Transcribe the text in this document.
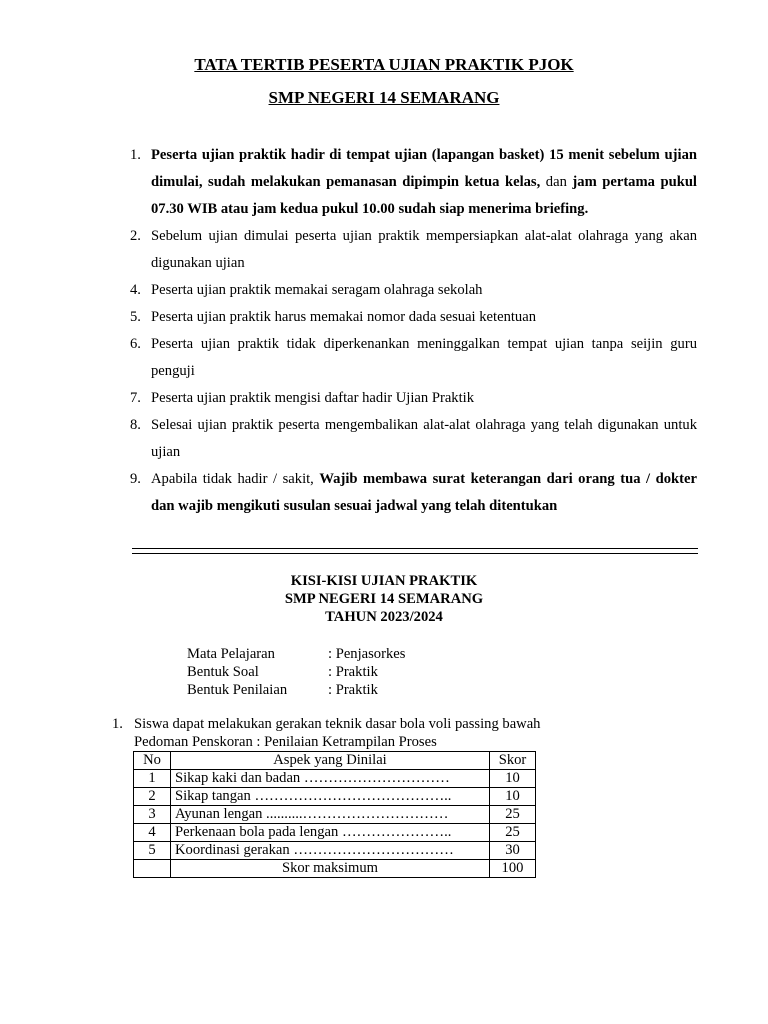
TATA TERTIB PESERTA UJIAN PRAKTIK PJOK
SMP NEGERI 14 SEMARANG
1. Peserta ujian praktik hadir di tempat ujian (lapangan basket) 15 menit sebelum ujian dimulai, sudah melakukan pemanasan dipimpin ketua kelas, dan jam pertama pukul 07.30 WIB atau jam kedua pukul 10.00 sudah siap menerima briefing.
2. Sebelum ujian dimulai peserta ujian praktik mempersiapkan alat-alat olahraga yang akan digunakan ujian
4. Peserta ujian praktik memakai seragam olahraga sekolah
5. Peserta ujian praktik harus memakai nomor dada sesuai ketentuan
6. Peserta ujian praktik tidak diperkenankan meninggalkan tempat ujian tanpa seijin guru penguji
7. Peserta ujian praktik mengisi daftar hadir Ujian Praktik
8. Selesai ujian praktik peserta mengembalikan alat-alat olahraga yang telah digunakan untuk ujian
9. Apabila tidak hadir / sakit, Wajib membawa surat keterangan dari orang tua / dokter dan wajib mengikuti susulan sesuai jadwal yang telah ditentukan
KISI-KISI UJIAN PRAKTIK
SMP NEGERI 14 SEMARANG
TAHUN 2023/2024
Mata Pelajaran	: Penjasorkes
Bentuk Soal	: Praktik
Bentuk Penilaian	: Praktik
1. Siswa dapat melakukan gerakan teknik dasar bola voli passing bawah
Pedoman Penskoran : Penilaian Ketrampilan Proses
No	Aspek yang Dinilai	Skor
1	Sikap kaki dan badan …………………………	10
2	Sikap tangan …………………………………..	10
3	Ayunan lengan ..........…………………………	25
4	Perkenaan bola pada lengan …………………..	25
5	Koordinasi gerakan ……………………………	30
	Skor maksimum	100
